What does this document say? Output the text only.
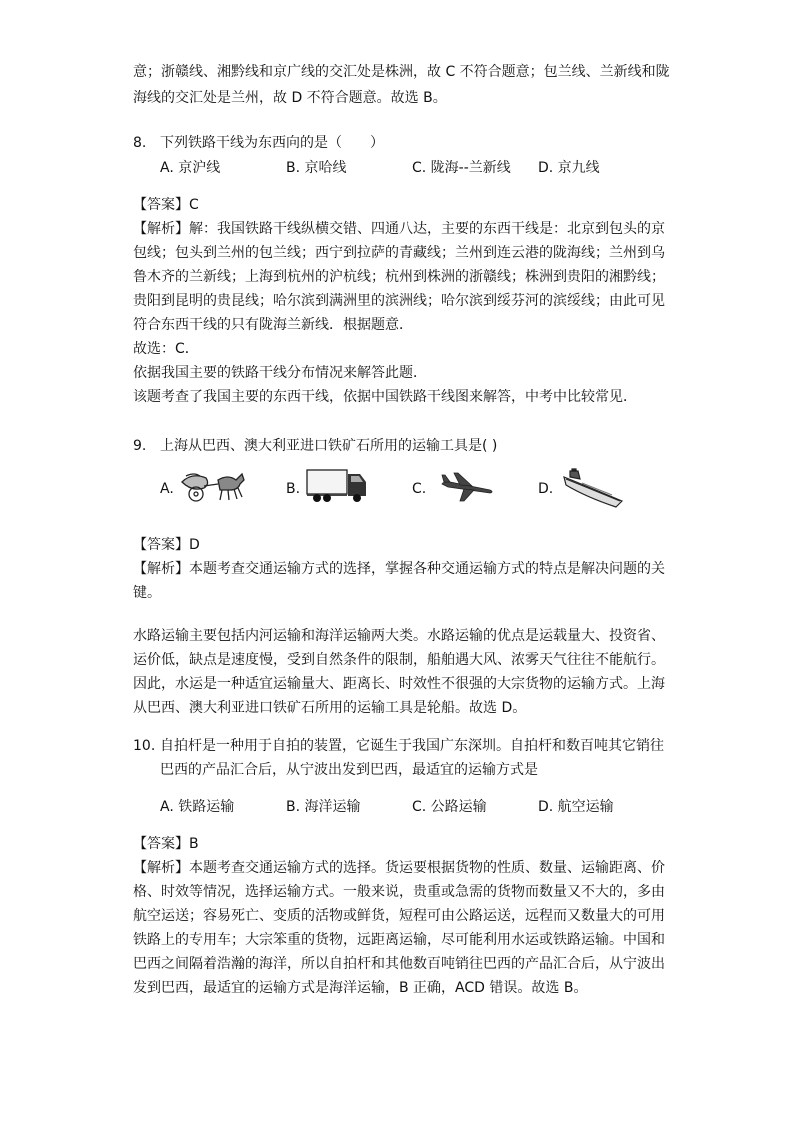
意；浙赣线、湘黔线和京广线的交汇处是株洲，故 C 不符合题意；包兰线、兰新线和陇
海线的交汇处是兰州，故 D 不符合题意。故选 B。
8. 下列铁路干线为东西向的是（　　）
A. 京沪线	B. 京哈线	C. 陇海--兰新线 D. 京九线
【答案】C
【解析】解：我国铁路干线纵横交错、四通八达，主要的东西干线是：北京到包头的京
包线；包头到兰州的包兰线；西宁到拉萨的青藏线；兰州到连云港的陇海线；兰州到乌
鲁木齐的兰新线；上海到杭州的沪杭线；杭州到株洲的浙赣线；株洲到贵阳的湘黔线；
贵阳到昆明的贵昆线；哈尔滨到满洲里的滨洲线；哈尔滨到绥芬河的滨绥线；由此可见
符合东西干线的只有陇海兰新线．根据题意．
故选：C．
依据我国主要的铁路干线分布情况来解答此题．
该题考查了我国主要的东西干线，依据中国铁路干线图来解答，中考中比较常见．
9. 上海从巴西、澳大利亚进口铁矿石所用的运输工具是( )
A.	B.	C.	D.
【答案】D
【解析】本题考查交通运输方式的选择，掌握各种交通运输方式的特点是解决问题的关
键。
水路运输主要包括内河运输和海洋运输两大类。水路运输的优点是运载量大、投资省、
运价低，缺点是速度慢，受到自然条件的限制，船舶遇大风、浓雾天气往往不能航行。
因此，水运是一种适宜运输量大、距离长、时效性不很强的大宗货物的运输方式。上海
从巴西、澳大利亚进口铁矿石所用的运输工具是轮船。故选 D。
10. 自拍杆是一种用于自拍的装置，它诞生于我国广东深圳。自拍杆和数百吨其它销往
巴西的产品汇合后，从宁波出发到巴西，最适宜的运输方式是
A. 铁路运输	B. 海洋运输	C. 公路运输	D. 航空运输
【答案】B
【解析】本题考查交通运输方式的选择。货运要根据货物的性质、数量、运输距离、价
格、时效等情况，选择运输方式。一般来说，贵重或急需的货物而数量又不大的，多由
航空运送；容易死亡、变质的活物或鲜货，短程可由公路运送，远程而又数量大的可用
铁路上的专用车；大宗笨重的货物，远距离运输，尽可能利用水运或铁路运输。中国和
巴西之间隔着浩瀚的海洋，所以自拍杆和其他数百吨销往巴西的产品汇合后，从宁波出
发到巴西，最适宜的运输方式是海洋运输，B 正确，ACD 错误。故选 B。
